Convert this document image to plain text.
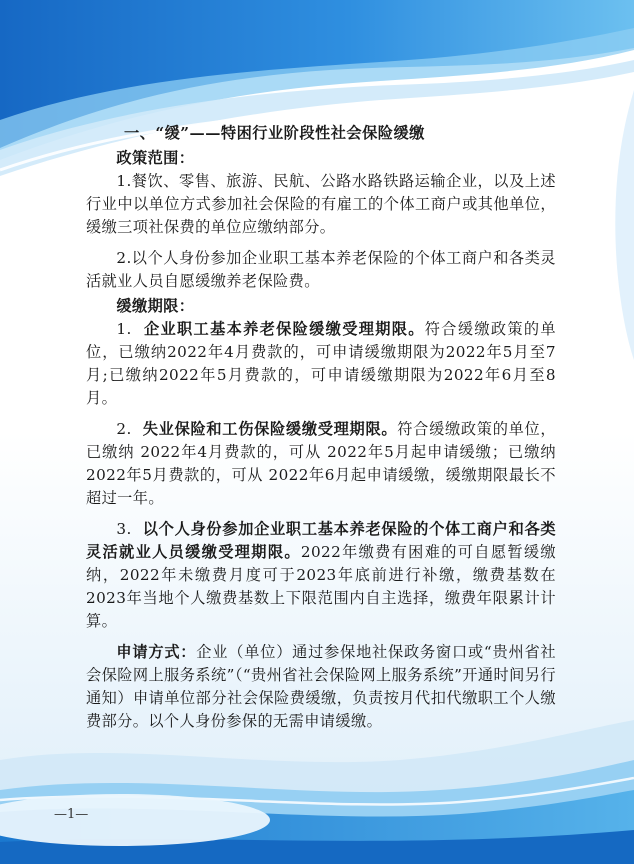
一、“缓”——特困行业阶段性社会保险缓缴

政策范围：

1.餐饮、零售、旅游、民航、公路水路铁路运输企业，以及上述行业中以单位方式参加社会保险的有雇工的个体工商户或其他单位，缓缴三项社保费的单位应缴纳部分。

2.以个人身份参加企业职工基本养老保险的个体工商户和各类灵活就业人员自愿缓缴养老保险费。

缓缴期限：

1. 企业职工基本养老保险缓缴受理期限。符合缓缴政策的单位，已缴纳2022年4月费款的，可申请缓缴期限为2022年5月至7月;已缴纳2022年5月费款的，可申请缓缴期限为2022年6月至8月。

2. 失业保险和工伤保险缓缴受理期限。符合缓缴政策的单位，已缴纳 2022年4月费款的，可从 2022年5月起申请缓缴；已缴纳 2022年5月费款的，可从 2022年6月起申请缓缴，缓缴期限最长不超过一年。

3. 以个人身份参加企业职工基本养老保险的个体工商户和各类灵活就业人员缓缴受理期限。2022年缴费有困难的可自愿暂缓缴纳，2022年未缴费月度可于2023年底前进行补缴，缴费基数在2023年当地个人缴费基数上下限范围内自主选择，缴费年限累计计算。

申请方式：企业（单位）通过参保地社保政务窗口或“贵州省社会保险网上服务系统”（“贵州省社会保险网上服务系统”开通时间另行通知）申请单位部分社会保险费缓缴，负责按月代扣代缴职工个人缴费部分。以个人身份参保的无需申请缓缴。

—1—
